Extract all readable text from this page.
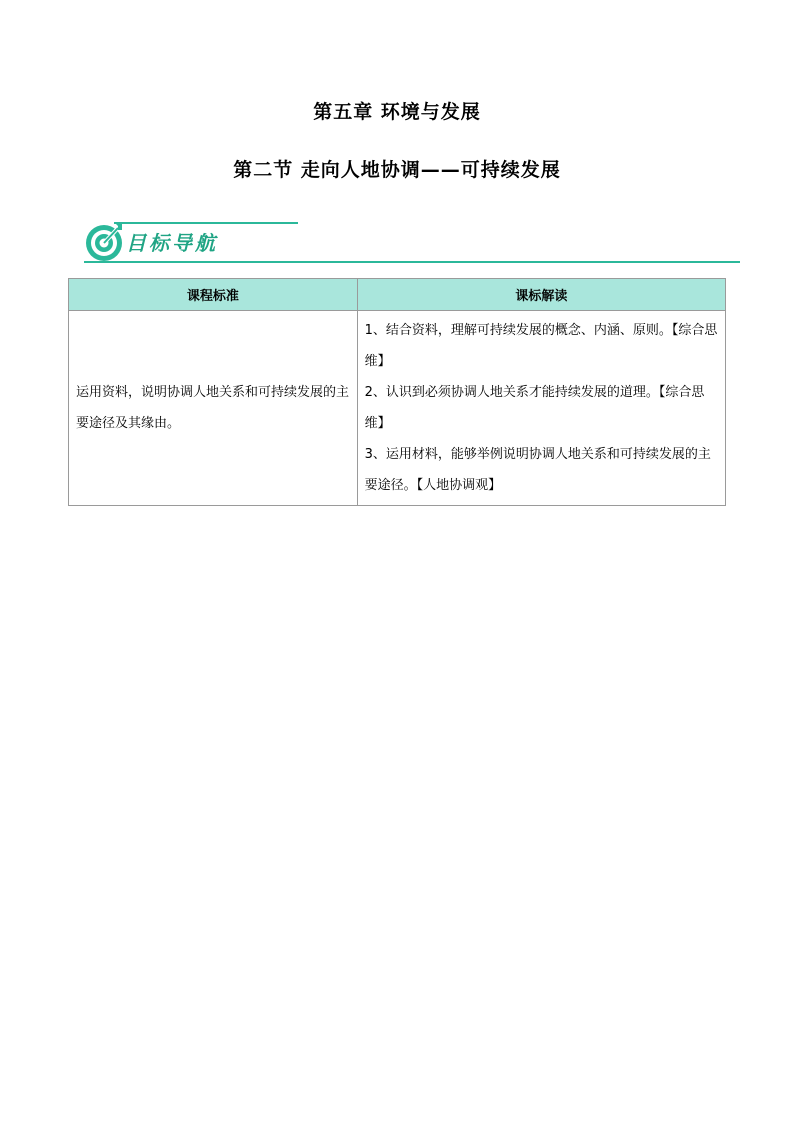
第五章 环境与发展
第二节 走向人地协调——可持续发展
目标导航
课程标准	课标解读
运用资料，说明协调人地关系和可持续发展的主要途径及其缘由。	1、结合资料，理解可持续发展的概念、内涵、原则。【综合思维】
2、认识到必须协调人地关系才能持续发展的道理。【综合思维】
3、运用材料，能够举例说明协调人地关系和可持续发展的主要途径。【人地协调观】
